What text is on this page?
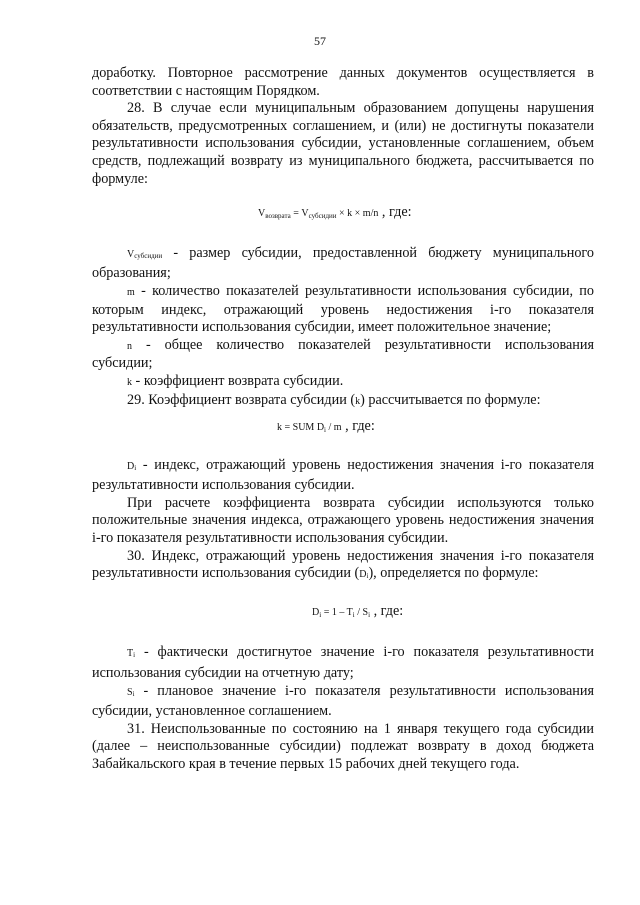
57

доработку. Повторное рассмотрение данных документов осуществляется в соответствии с настоящим Порядком.

28. В случае если муниципальным образованием допущены нарушения обязательств, предусмотренных соглашением, и (или) не достигнуты показатели результативности использования субсидии, установленные соглашением, объем средств, подлежащий возврату из муниципального бюджета, рассчитывается по формуле:

Vвозврата = Vсубсидии × k × m/n , где:

Vсубсидии - размер субсидии, предоставленной бюджету муниципального образования;

m - количество показателей результативности использования субсидии, по которым индекс, отражающий уровень недостижения i-го показателя результативности использования субсидии, имеет положительное значение;

n - общее количество показателей результативности использования субсидии;

k - коэффициент возврата субсидии.

29. Коэффициент возврата субсидии (k) рассчитывается по формуле:

k = SUM Di / m , где:

Di - индекс, отражающий уровень недостижения значения i-го показателя результативности использования субсидии.

При расчете коэффициента возврата субсидии используются только положительные значения индекса, отражающего уровень недостижения значения i-го показателя результативности использования субсидии.

30. Индекс, отражающий уровень недостижения значения i-го показателя результативности использования субсидии (Di), определяется по формуле:

Di = 1 – Ti / Si , где:

Ti - фактически достигнутое значение i-го показателя результативности использования субсидии на отчетную дату;

Si - плановое значение i-го показателя результативности использования субсидии, установленное соглашением.

31. Неиспользованные по состоянию на 1 января текущего года субсидии (далее – неиспользованные субсидии) подлежат возврату в доход бюджета Забайкальского края в течение первых 15 рабочих дней текущего года.
